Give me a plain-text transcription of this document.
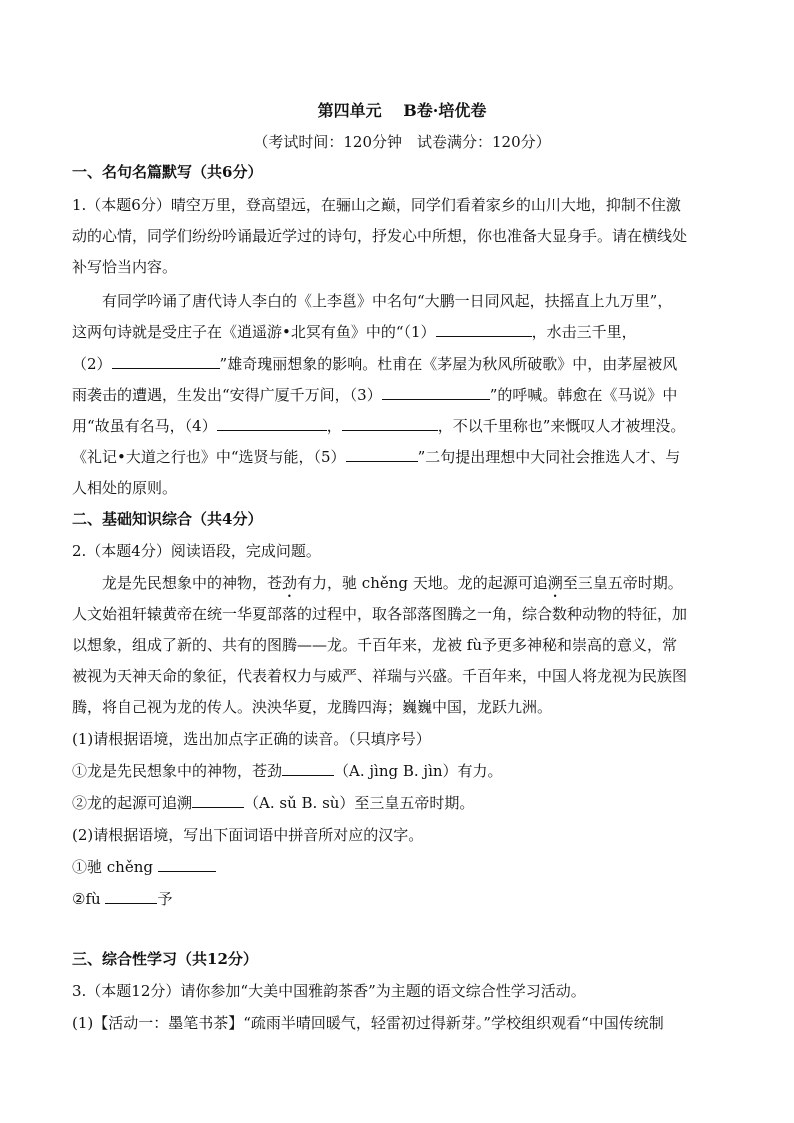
第四单元　 B卷·培优卷
（考试时间：120分钟　试卷满分：120分）
一、名句名篇默写（共6分）
1.（本题6分）晴空万里，登高望远，在骊山之巅，同学们看着家乡的山川大地，抑制不住激
动的心情，同学们纷纷吟诵最近学过的诗句，抒发心中所想，你也准备大显身手。请在横线处
补写恰当内容。
有同学吟诵了唐代诗人李白的《上李邕》中名句“大鹏一日同风起，扶摇直上九万里”，
这两句诗就是受庄子在《逍遥游•北冥有鱼》中的“（1）	，水击三千里，
（2）	”雄奇瑰丽想象的影响。杜甫在《茅屋为秋风所破歌》中，由茅屋被风
雨袭击的遭遇，生发出“安得广厦千万间，（3）	”的呼喊。韩愈在《马说》中
用“故虽有名马，（4）	，	，不以千里称也”来慨叹人才被埋没。
《礼记•大道之行也》中“选贤与能，（5）	”二句提出理想中大同社会推选人才、与
人相处的原则。
二、基础知识综合（共4分）
2.（本题4分）阅读语段，完成问题。
龙是先民想象中的神物，苍劲有力，驰 chěng 天地。龙的起源可追溯至三皇五帝时期。
人文始祖轩辕黄帝在统一华夏部落的过程中，取各部落图腾之一角，综合数种动物的特征，加
以想象，组成了新的、共有的图腾——龙。千百年来，龙被 fù予更多神秘和崇高的意义，常
被视为天神天命的象征，代表着权力与威严、祥瑞与兴盛。千百年来，中国人将龙视为民族图
腾，将自己视为龙的传人。泱泱华夏，龙腾四海；巍巍中国，龙跃九洲。
(1)请根据语境，选出加点字正确的读音。（只填序号）
①龙是先民想象中的神物，苍劲	（A. jìng B. jìn）有力。
②龙的起源可追溯	（A. sǔ B. sù）至三皇五帝时期。
(2)请根据语境，写出下面词语中拼音所对应的汉字。
①驰 chěng
②fù	予
三、综合性学习（共12分）
3.（本题12分）请你参加“大美中国雅韵茶香”为主题的语文综合性学习活动。
(1)【活动一：墨笔书茶】“疏雨半晴回暖气，轻雷初过得新芽。”学校组织观看“中国传统制
